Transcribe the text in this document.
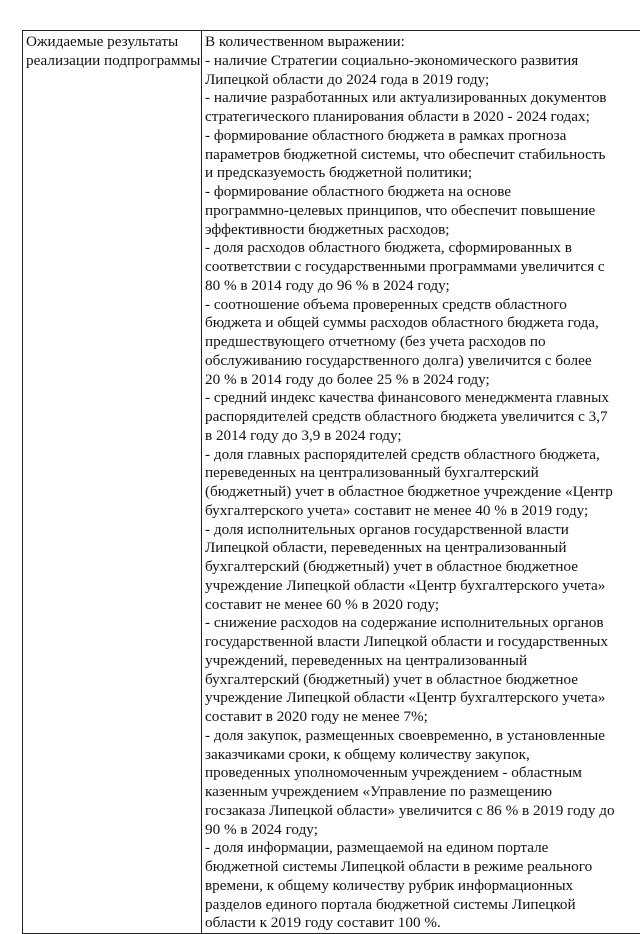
Ожидаемые результаты
реализации подпрограммы

В количественном выражении:
- наличие Стратегии социально-экономического развития
Липецкой области до 2024 года в 2019 году;
- наличие разработанных или актуализированных документов
стратегического планирования области в 2020 - 2024 годах;
- формирование областного бюджета в рамках прогноза
параметров бюджетной системы, что обеспечит стабильность
и предсказуемость бюджетной политики;
- формирование областного бюджета на основе
программно-целевых принципов, что обеспечит повышение
эффективности бюджетных расходов;
- доля расходов областного бюджета, сформированных в
соответствии с государственными программами увеличится с
80 % в 2014 году до 96 % в 2024 году;
- соотношение объема проверенных средств областного
бюджета и общей суммы расходов областного бюджета года,
предшествующего отчетному (без учета расходов по
обслуживанию государственного долга) увеличится с более
20 % в 2014 году до более 25 % в 2024 году;
- средний индекс качества финансового менеджмента главных
распорядителей средств областного бюджета увеличится с 3,7
в 2014 году до 3,9 в 2024 году;
- доля главных распорядителей средств областного бюджета,
переведенных на централизованный бухгалтерский
(бюджетный) учет в областное бюджетное учреждение «Центр
бухгалтерского учета» составит не менее 40 % в 2019 году;
- доля исполнительных органов государственной власти
Липецкой области, переведенных на централизованный
бухгалтерский (бюджетный) учет в областное бюджетное
учреждение Липецкой области «Центр бухгалтерского учета»
составит не менее 60 % в 2020 году;
- снижение расходов на содержание исполнительных органов
государственной власти Липецкой области и государственных
учреждений, переведенных на централизованный
бухгалтерский (бюджетный) учет в областное бюджетное
учреждение Липецкой области «Центр бухгалтерского учета»
составит в 2020 году не менее 7%;
- доля закупок, размещенных своевременно, в установленные
заказчиками сроки, к общему количеству закупок,
проведенных уполномоченным учреждением - областным
казенным учреждением «Управление по размещению
госзаказа Липецкой области» увеличится с 86 % в 2019 году до
90 % в 2024 году;
- доля информации, размещаемой на едином портале
бюджетной системы Липецкой области в режиме реального
времени, к общему количеству рубрик информационных
разделов единого портала бюджетной системы Липецкой
области к 2019 году составит 100 %.
